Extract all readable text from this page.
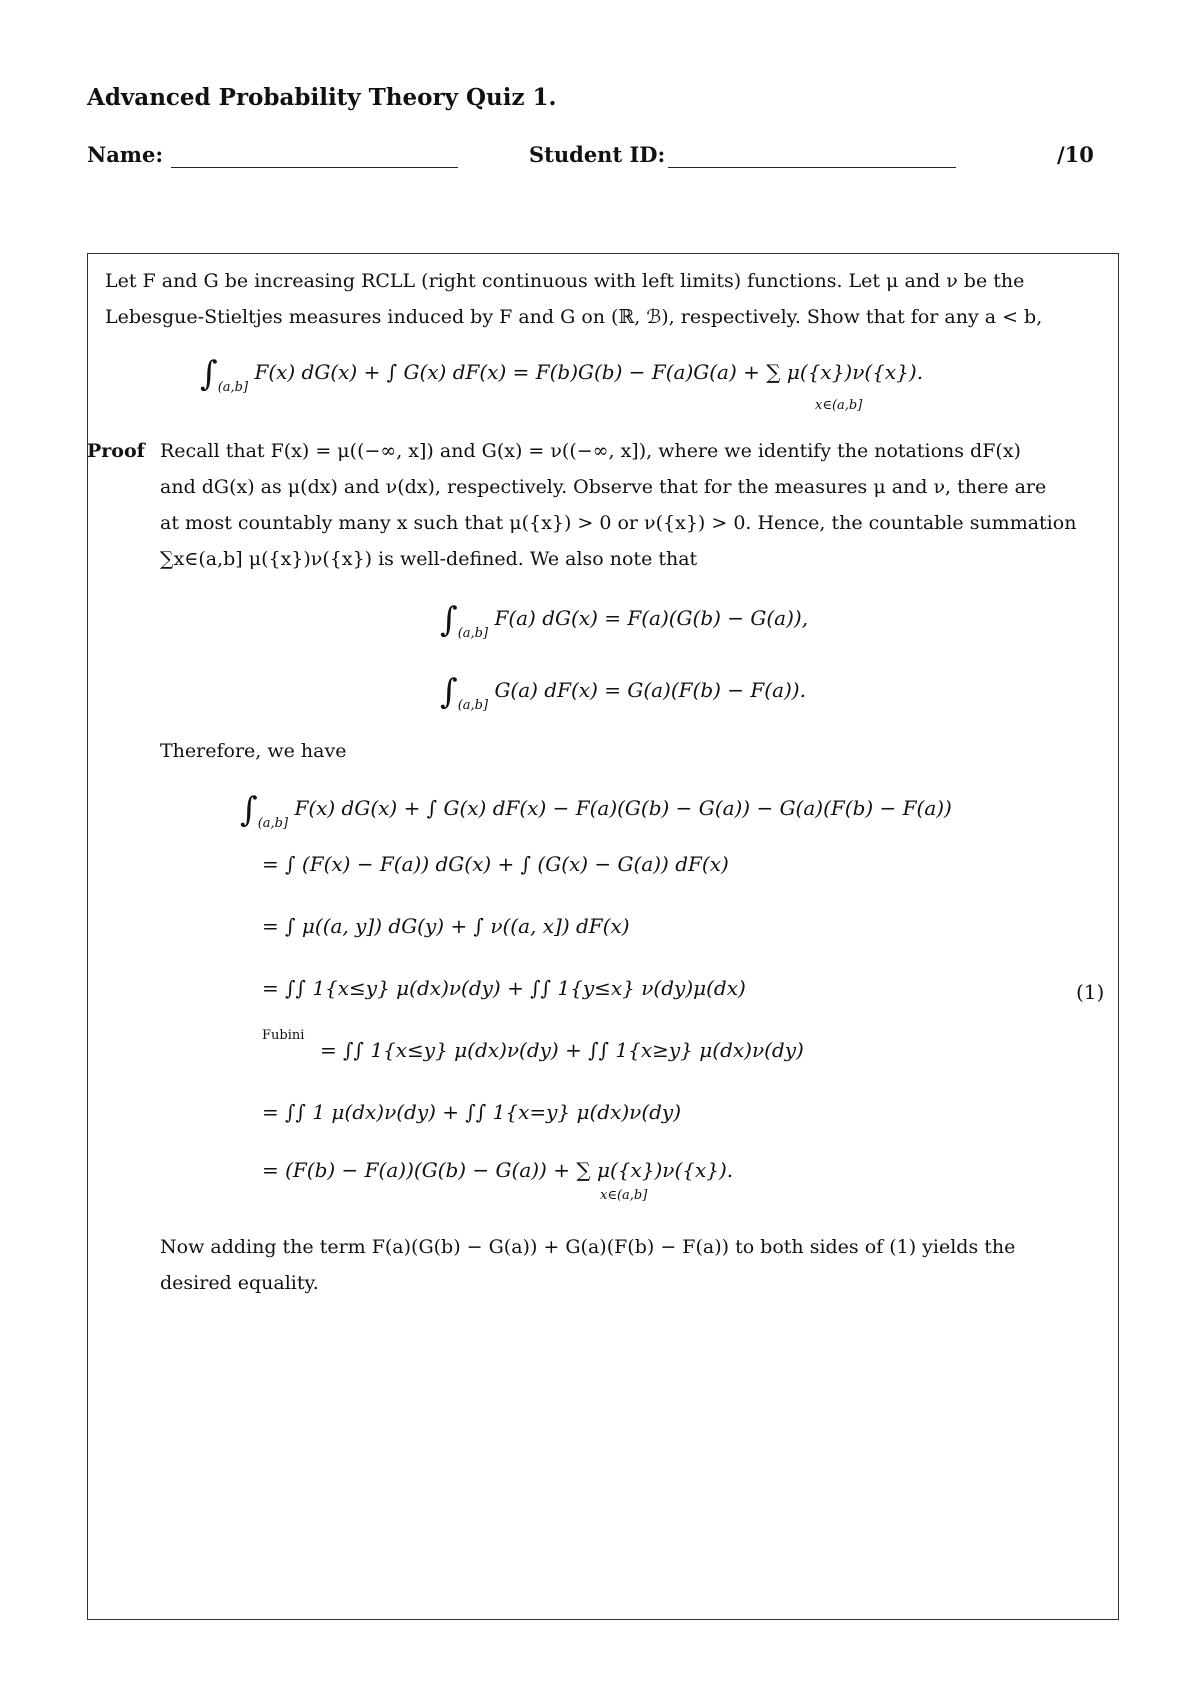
Advanced Probability Theory Quiz 1.
Name:	Student ID:	/10
Let F and G be increasing RCLL (right continuous with left limits) functions. Let μ and ν be the
Lebesgue-Stieltjes measures induced by F and G on (ℝ, ℬ), respectively. Show that for any a < b,
$\int_{(a,b]}$ F(x) dG(x) + ∫ G(x) dF(x) = F(b)G(b) − F(a)G(a) + ∑ μ({x})ν({x}).
x∈(a,b]
Proof Recall that F(x) = μ((−∞, x]) and G(x) = ν((−∞, x]), where we identify the notations dF(x)
and dG(x) as μ(dx) and ν(dx), respectively. Observe that for the measures μ and ν, there are
at most countably many x such that μ({x}) > 0 or ν({x}) > 0. Hence, the countable summation
∑x∈(a,b] μ({x})ν({x}) is well-defined. We also note that
$\int_{(a,b]}$ F(a) dG(x) = F(a)(G(b) − G(a)),
$\int_{(a,b]}$ G(a) dF(x) = G(a)(F(b) − F(a)).
Therefore, we have
$\int_{(a,b]}$ F(x) dG(x) + ∫ G(x) dF(x) − F(a)(G(b) − G(a)) − G(a)(F(b) − F(a))
= ∫ (F(x) − F(a)) dG(x) + ∫ (G(x) − G(a)) dF(x)
= ∫ μ((a, y]) dG(y) + ∫ ν((a, x]) dF(x)
= ∫∫ 1{x≤y} μ(dx)ν(dy) + ∫∫ 1{y≤x} ν(dy)μ(dx)	(1)
Fubini
= ∫∫ 1{x≤y} μ(dx)ν(dy) + ∫∫ 1{x≥y} μ(dx)ν(dy)
= ∫∫ 1 μ(dx)ν(dy) + ∫∫ 1{x=y} μ(dx)ν(dy)
= (F(b) − F(a))(G(b) − G(a)) + ∑ μ({x})ν({x}).
x∈(a,b]
Now adding the term F(a)(G(b) − G(a)) + G(a)(F(b) − F(a)) to both sides of (1) yields the
desired equality.
